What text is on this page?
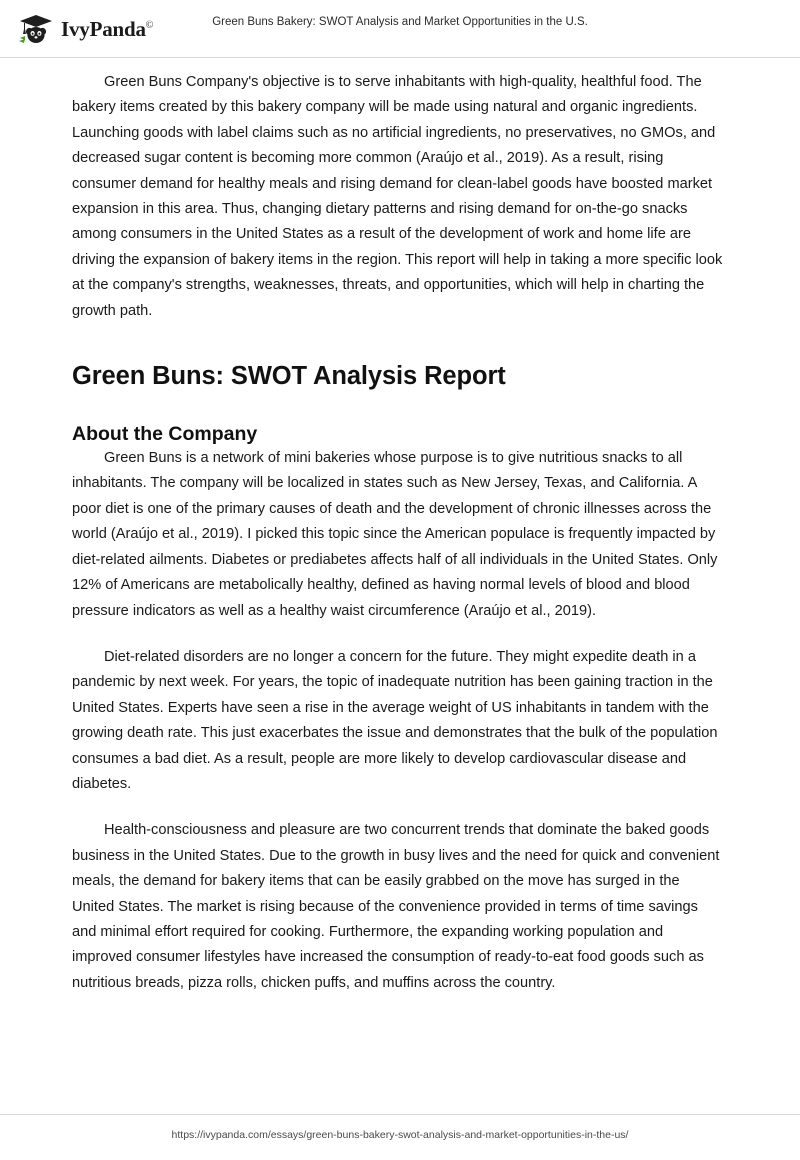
IvyPanda©	Green Buns Bakery: SWOT Analysis and Market Opportunities in the U.S.

Green Buns Company's objective is to serve inhabitants with high-quality, healthful food. The bakery items created by this bakery company will be made using natural and organic ingredients. Launching goods with label claims such as no artificial ingredients, no preservatives, no GMOs, and decreased sugar content is becoming more common (Araújo et al., 2019). As a result, rising consumer demand for healthy meals and rising demand for clean-label goods have boosted market expansion in this area. Thus, changing dietary patterns and rising demand for on-the-go snacks among consumers in the United States as a result of the development of work and home life are driving the expansion of bakery items in the region. This report will help in taking a more specific look at the company's strengths, weaknesses, threats, and opportunities, which will help in charting the growth path.

Green Buns: SWOT Analysis Report
About the Company

Green Buns is a network of mini bakeries whose purpose is to give nutritious snacks to all inhabitants. The company will be localized in states such as New Jersey, Texas, and California. A poor diet is one of the primary causes of death and the development of chronic illnesses across the world (Araújo et al., 2019). I picked this topic since the American populace is frequently impacted by diet-related ailments. Diabetes or prediabetes affects half of all individuals in the United States. Only 12% of Americans are metabolically healthy, defined as having normal levels of blood and blood pressure indicators as well as a healthy waist circumference (Araújo et al., 2019).

Diet-related disorders are no longer a concern for the future. They might expedite death in a pandemic by next week. For years, the topic of inadequate nutrition has been gaining traction in the United States. Experts have seen a rise in the average weight of US inhabitants in tandem with the growing death rate. This just exacerbates the issue and demonstrates that the bulk of the population consumes a bad diet. As a result, people are more likely to develop cardiovascular disease and diabetes.

Health-consciousness and pleasure are two concurrent trends that dominate the baked goods business in the United States. Due to the growth in busy lives and the need for quick and convenient meals, the demand for bakery items that can be easily grabbed on the move has surged in the United States. The market is rising because of the convenience provided in terms of time savings and minimal effort required for cooking. Furthermore, the expanding working population and improved consumer lifestyles have increased the consumption of ready-to-eat food goods such as nutritious breads, pizza rolls, chicken puffs, and muffins across the country.

https://ivypanda.com/essays/green-buns-bakery-swot-analysis-and-market-opportunities-in-the-us/
